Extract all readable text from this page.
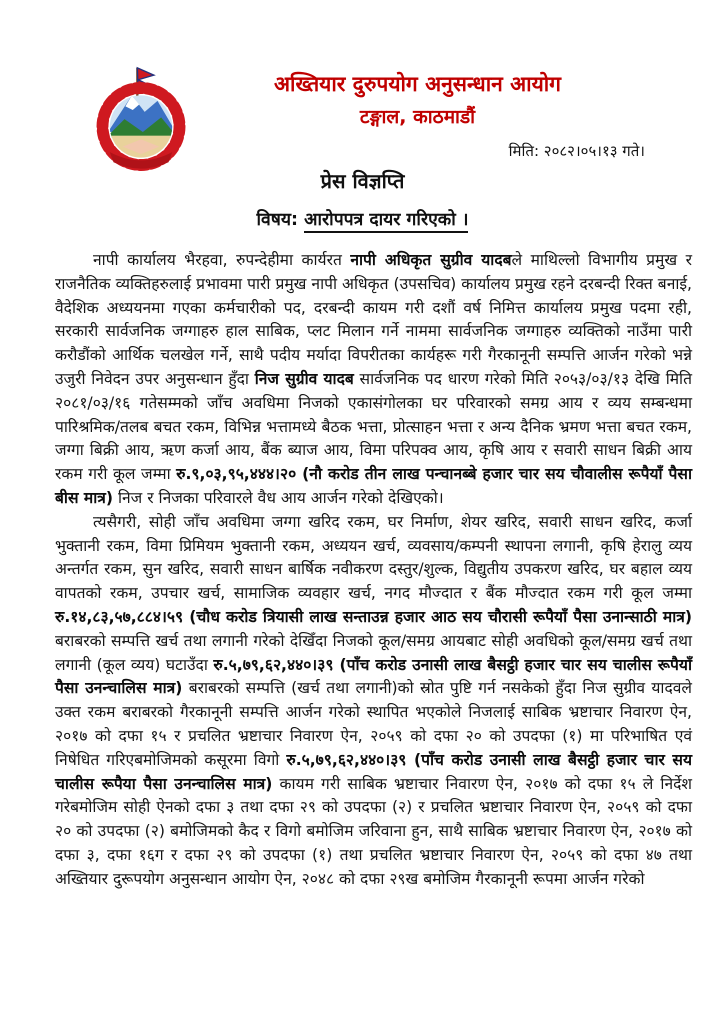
अख्तियार दुरुपयोग अनुसन्धान आयोग
टङ्गाल, काठमाडौं
मिति: २०८२।०५।१३ गते।
प्रेस विज्ञप्ति
विषय: आरोपपत्र दायर गरिएको ।

नापी कार्यालय भैरहवा, रुपन्देहीमा कार्यरत नापी अधिकृत सुग्रीव यादबले माथिल्लो विभागीय प्रमुख र राजनैतिक व्यक्तिहरुलाई प्रभावमा पारी प्रमुख नापी अधिकृत (उपसचिव) कार्यालय प्रमुख रहने दरबन्दी रिक्त बनाई, वैदेशिक अध्ययनमा गएका कर्मचारीको पद, दरबन्दी कायम गरी दशौं वर्ष निमित्त कार्यालय प्रमुख पदमा रही, सरकारी सार्वजनिक जग्गाहरु हाल साबिक, प्लट मिलान गर्ने नाममा सार्वजनिक जग्गाहरु व्यक्तिको नाउँमा पारी करौडौंको आर्थिक चलखेल गर्ने, साथै पदीय मर्यादा विपरीतका कार्यहरू गरी गैरकानूनी सम्पत्ति आर्जन गरेको भन्ने उजुरी निवेदन उपर अनुसन्धान हुँदा निज सुग्रीव यादब सार्वजनिक पद धारण गरेको मिति २०५३/०३/१३ देखि मिति २०८१/०३/१६ गतेसम्मको जाँच अवधिमा निजको एकासंगोलका घर परिवारको समग्र आय र व्यय सम्बन्धमा पारिश्रमिक/तलब बचत रकम, विभिन्न भत्तामध्ये बैठक भत्ता, प्रोत्साहन भत्ता र अन्य दैनिक भ्रमण भत्ता बचत रकम, जग्गा बिक्री आय, ऋण कर्जा आय, बैंक ब्याज आय, विमा परिपक्व आय, कृषि आय र सवारी साधन बिक्री आय रकम गरी कूल जम्मा रु.९,०३,९५,४४४।२० (नौ करोड तीन लाख पन्चानब्बे हजार चार सय चौवालीस रूपैयाँ पैसा बीस मात्र) निज र निजका परिवारले वैध आय आर्जन गरेको देखिएको।

त्यसैगरी, सोही जाँच अवधिमा जग्गा खरिद रकम, घर निर्माण, शेयर खरिद, सवारी साधन खरिद, कर्जा भुक्तानी रकम, विमा प्रिमियम भुक्तानी रकम, अध्ययन खर्च, व्यवसाय/कम्पनी स्थापना लगानी, कृषि हेरालु व्यय अन्तर्गत रकम, सुन खरिद, सवारी साधन बार्षिक नवीकरण दस्तुर/शुल्क, विद्युतीय उपकरण खरिद, घर बहाल व्यय वापतको रकम, उपचार खर्च, सामाजिक व्यवहार खर्च, नगद मौज्दात र बैंक मौज्दात रकम गरी कूल जम्मा रु.१४,८३,५७,८८४।५९ (चौध करोड त्रियासी लाख सन्ताउन्न हजार आठ सय चौरासी रूपैयाँ पैसा उनान्साठी मात्र) बराबरको सम्पत्ति खर्च तथा लगानी गरेको देखिँदा निजको कूल/समग्र आयबाट सोही अवधिको कूल/समग्र खर्च तथा लगानी (कूल व्यय) घटाउँदा रु.५,७९,६२,४४०।३९ (पाँच करोड उनासी लाख बैसट्ठी हजार चार सय चालीस रूपैयाँ पैसा उनन्चालिस मात्र) बराबरको सम्पत्ति (खर्च तथा लगानी)को स्रोत पुष्टि गर्न नसकेको हुँदा निज सुग्रीव यादवले उक्त रकम बराबरको गैरकानूनी सम्पत्ति आर्जन गरेको स्थापित भएकोले निजलाई साबिक भ्रष्टाचार निवारण ऐन, २०१७ को दफा १५ र प्रचलित भ्रष्टाचार निवारण ऐन, २०५९ को दफा २० को उपदफा (१) मा परिभाषित एवं निषेधित गरिएबमोजिमको कसूरमा विगो रु.५,७९,६२,४४०।३९ (पाँच करोड उनासी लाख बैसट्ठी हजार चार सय चालीस रूपैया पैसा उनन्चालिस मात्र) कायम गरी साबिक भ्रष्टाचार निवारण ऐन, २०१७ को दफा १५ ले निर्देश गरेबमोजिम सोही ऐनको दफा ३ तथा दफा २९ को उपदफा (२) र प्रचलित भ्रष्टाचार निवारण ऐन, २०५९ को दफा २० को उपदफा (२) बमोजिमको कैद र विगो बमोजिम जरिवाना हुन, साथै साबिक भ्रष्टाचार निवारण ऐन, २०१७ को दफा ३, दफा १६ग र दफा २९ को उपदफा (१) तथा प्रचलित भ्रष्टाचार निवारण ऐन, २०५९ को दफा ४७ तथा अख्तियार दुरूपयोग अनुसन्धान आयोग ऐन, २०४८ को दफा २९ख बमोजिम गैरकानूनी रूपमा आर्जन गरेको
